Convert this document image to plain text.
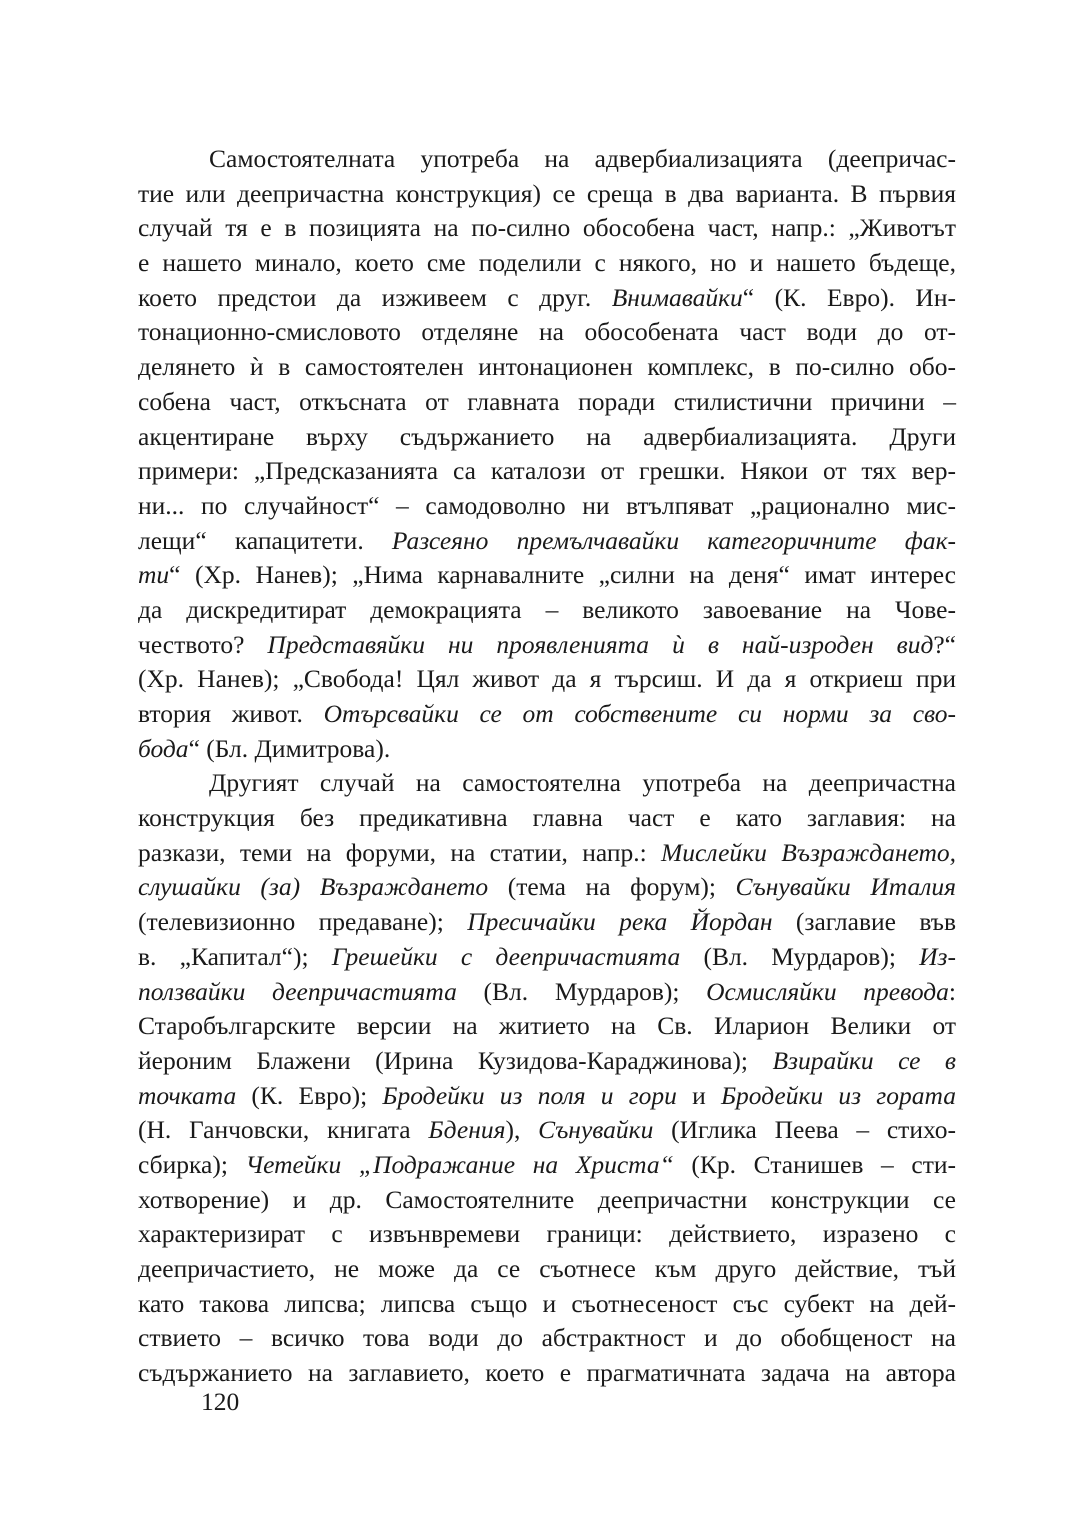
Самостоятелната употреба на адвербиализацията (деепричас-
тие или деепричастна конструкция) се среща в два варианта. В първия
случай тя е в позицията на по-силно обособена част, напр.: „Животът
е нашето минало, което сме поделили с някого, но и нашето бъдеще,
което предстои да изживеем с друг. Внимавайки“ (К. Евро). Ин-
тонационно-смисловото отделяне на обособената част води до от-
делянето ѝ в самостоятелен интонационен комплекс, в по-силно обо-
собена част, откъсната от главната поради стилистични причини –
акцентиране върху съдържанието на адвербиализацията. Други
примери: „Предсказанията са каталози от грешки. Някои от тях вер-
ни... по случайност“ – самодоволно ни втълпяват „рационално мис-
лещи“ капацитети. Разсеяно премълчавайки категоричните фак-
ти“ (Хр. Нанев); „Нима карнавалните „силни на деня“ имат интерес
да дискредитират демокрацията – великото завоевание на Чове-
чеството? Представяйки ни проявленията ѝ в най-изроден вид?“
(Хр. Нанев); „Свобода! Цял живот да я търсиш. И да я откриеш при
втория живот. Отърсвайки се от собствените си норми за сво-
бода“ (Бл. Димитрова).
Другият случай на самостоятелна употреба на деепричастна
конструкция без предикативна главна част е като заглавия: на
разкази, теми на форуми, на статии, напр.: Мислейки Възраждането,
слушайки (за) Възраждането (тема на форум); Сънувайки Италия
(телевизионно предаване); Пресичайки река Йордан (заглавие във
в. „Капитал“); Грешейки с деепричастията (Вл. Мурдаров); Из-
ползвайки деепричастията (Вл. Мурдаров); Осмисляйки превода:
Старобългарските версии на житието на Св. Иларион Велики от
йероним Блажени (Ирина Кузидова-Караджинова); Взирайки се в
точката (К. Евро); Бродейки из поля и гори и Бродейки из гората
(Н. Ганчовски, книгата Бдения), Сънувайки (Иглика Пеева – стихо-
сбирка); Четейки „Подражание на Христа“ (Кр. Станишев – сти-
хотворение) и др. Самостоятелните деепричастни конструкции се
характеризират с извънвремеви граници: действието, изразено с
деепричастието, не може да се съотнесе към друго действие, тъй
като такова липсва; липсва също и съотнесеност със субект на дей-
ствието – всичко това води до абстрактност и до обобщеност на
съдържанието на заглавието, което е прагматичната задача на автора
120
